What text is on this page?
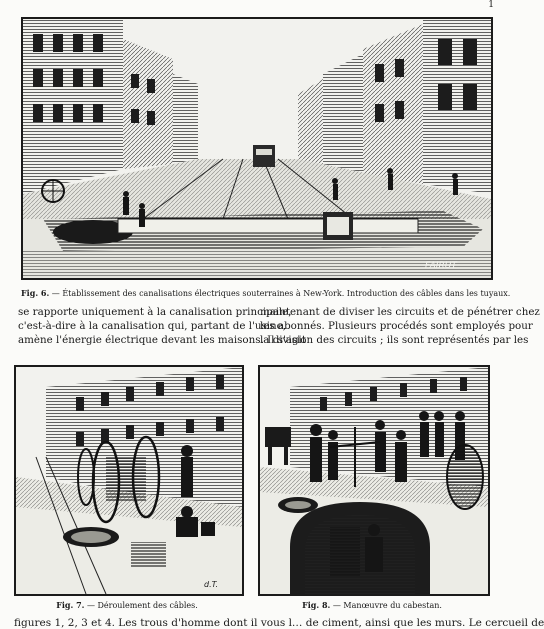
1
FAIRUT
Fig. 6. — Établissement des canalisations électriques souterraines à New-York. Introduction des câbles dans les tuyaux.
se rapporte uniquement à la canalisation principale,
c'est-à-dire à la canalisation qui, partant de l'usine,
amène l'énergie électrique devant les maisons. Il s'agit
maintenant de diviser les circuits et de pénétrer chez
les abonnés. Plusieurs procédés sont employés pour
la division des circuits ; ils sont représentés par les
d.T.
Fig. 7. — Déroulement des câbles.	Fig. 8. — Manœuvre du cabestan.
figures 1, 2, 3 et 4. Les trous d'homme dont il vous l… de ciment, ainsi que les murs. Le cercueil de
